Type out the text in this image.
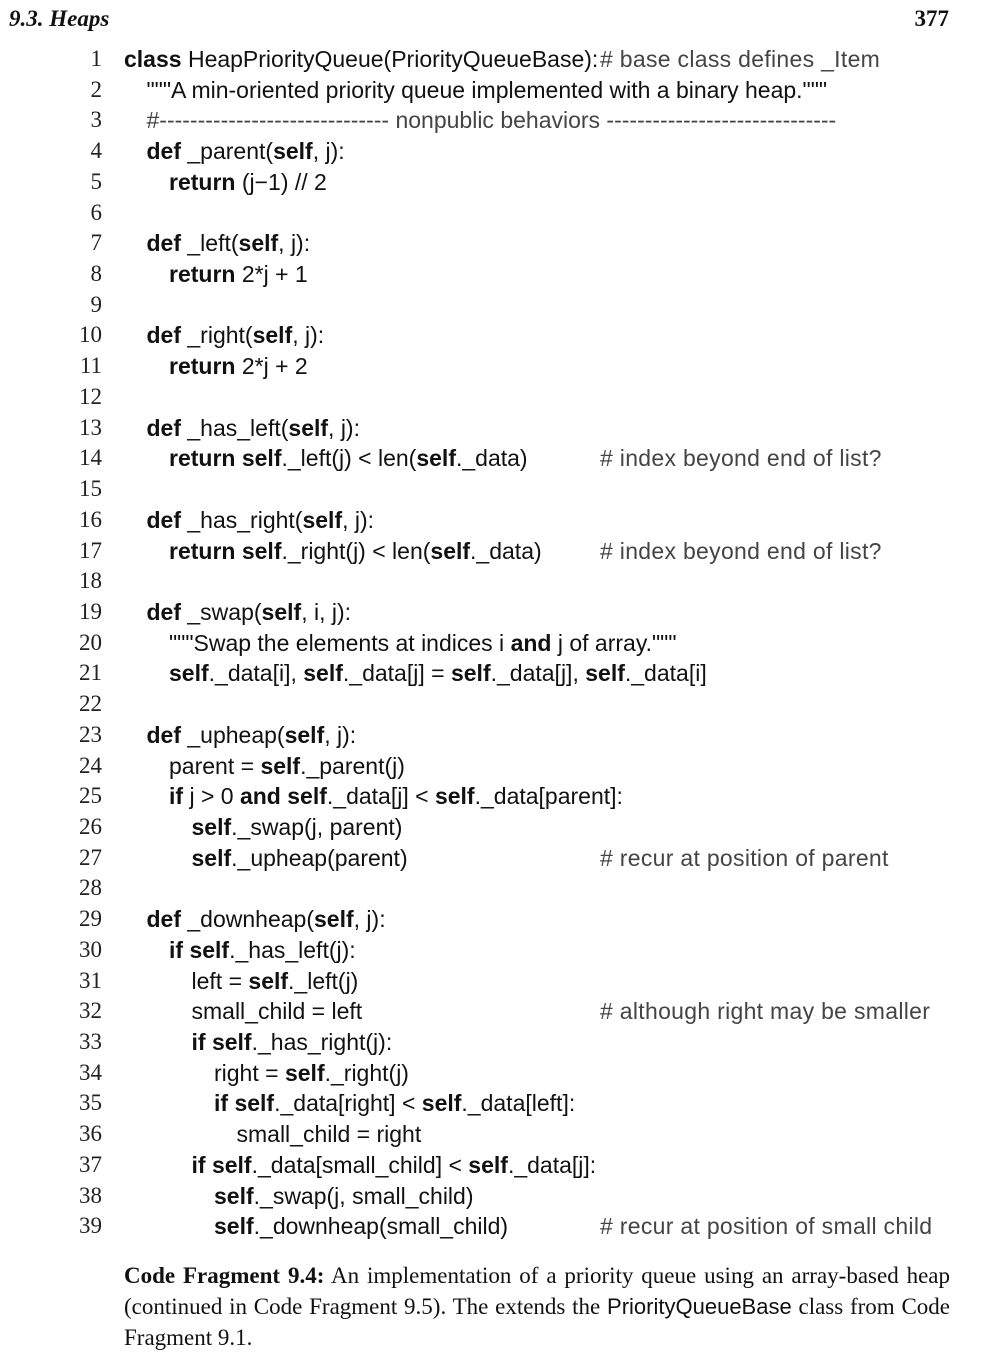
9.3. Heaps	377
1 class HeapPriorityQueue(PriorityQueueBase): # base class defines _Item
2 """A min-oriented priority queue implemented with a binary heap."""
3 #------------------------------ nonpublic behaviors ------------------------------
4 def _parent(self, j):
5	return (j−1) // 2
6
7 def _left(self, j):
8	return 2*j + 1
9
10 def _right(self, j):
11	return 2*j + 2
12
13 def _has_left(self, j):
14	return self._left(j) < len(self._data)	# index beyond end of list?
15
16 def _has_right(self, j):
17	return self._right(j) < len(self._data)	# index beyond end of list?
18
19 def _swap(self, i, j):
20	"""Swap the elements at indices i and j of array."""
21	self._data[i], self._data[j] = self._data[j], self._data[i]
22
23 def _upheap(self, j):
24	parent = self._parent(j)
25	if j > 0 and self._data[j] < self._data[parent]:
26	self._swap(j, parent)
27	self._upheap(parent)	# recur at position of parent
28
29 def _downheap(self, j):
30	if self._has_left(j):
31	left = self._left(j)
32	small_child = left	# although right may be smaller
33	if self._has_right(j):
34	right = self._right(j)
35	if self._data[right] < self._data[left]:
36	small_child = right
37	if self._data[small_child] < self._data[j]:
38	self._swap(j, small_child)
39	self._downheap(small_child)	# recur at position of small child
Code Fragment 9.4: An implementation of a priority queue using an array-based heap (continued in Code Fragment 9.5). The extends the PriorityQueueBase class from Code Fragment 9.1.
